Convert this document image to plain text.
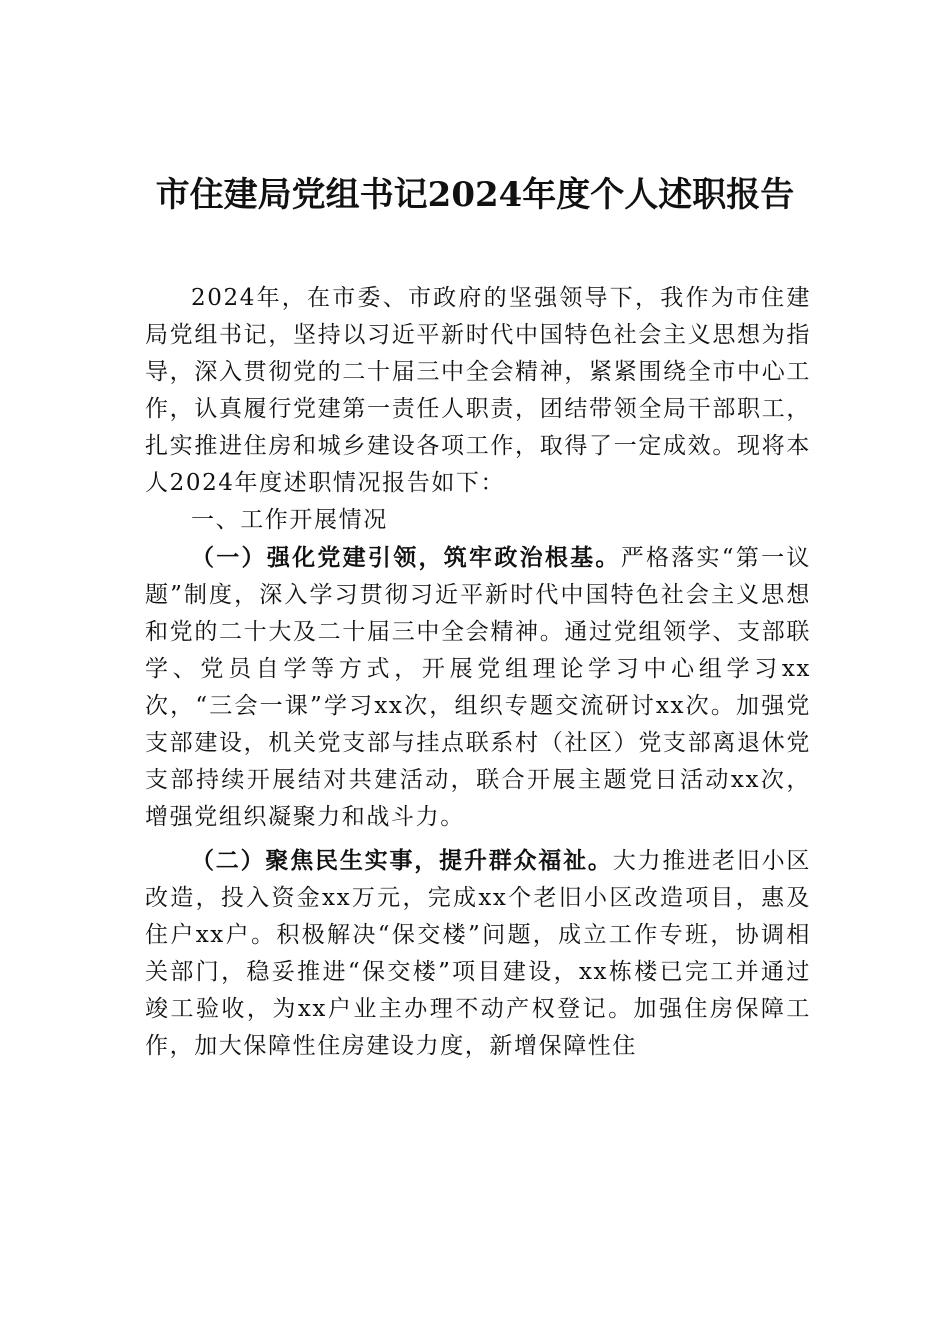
市住建局党组书记2024年度个人述职报告

2024年，在市委、市政府的坚强领导下，我作为市住建局党组书记，坚持以习近平新时代中国特色社会主义思想为指导，深入贯彻党的二十届三中全会精神，紧紧围绕全市中心工作，认真履行党建第一责任人职责，团结带领全局干部职工，扎实推进住房和城乡建设各项工作，取得了一定成效。现将本人2024年度述职情况报告如下：

一、工作开展情况

（一）强化党建引领，筑牢政治根基。严格落实“第一议题”制度，深入学习贯彻习近平新时代中国特色社会主义思想和党的二十大及二十届三中全会精神。通过党组领学、支部联学、党员自学等方式，开展党组理论学习中心组学习xx次，“三会一课”学习xx次，组织专题交流研讨xx次。加强党支部建设，机关党支部与挂点联系村（社区）党支部离退休党支部持续开展结对共建活动，联合开展主题党日活动xx次，增强党组织凝聚力和战斗力。

（二）聚焦民生实事，提升群众福祉。大力推进老旧小区改造，投入资金xx万元，完成xx个老旧小区改造项目，惠及住户xx户。积极解决“保交楼”问题，成立工作专班，协调相关部门，稳妥推进“保交楼”项目建设，xx栋楼已完工并通过竣工验收，为xx户业主办理不动产权登记。加强住房保障工作，加大保障性住房建设力度，新增保障性住
